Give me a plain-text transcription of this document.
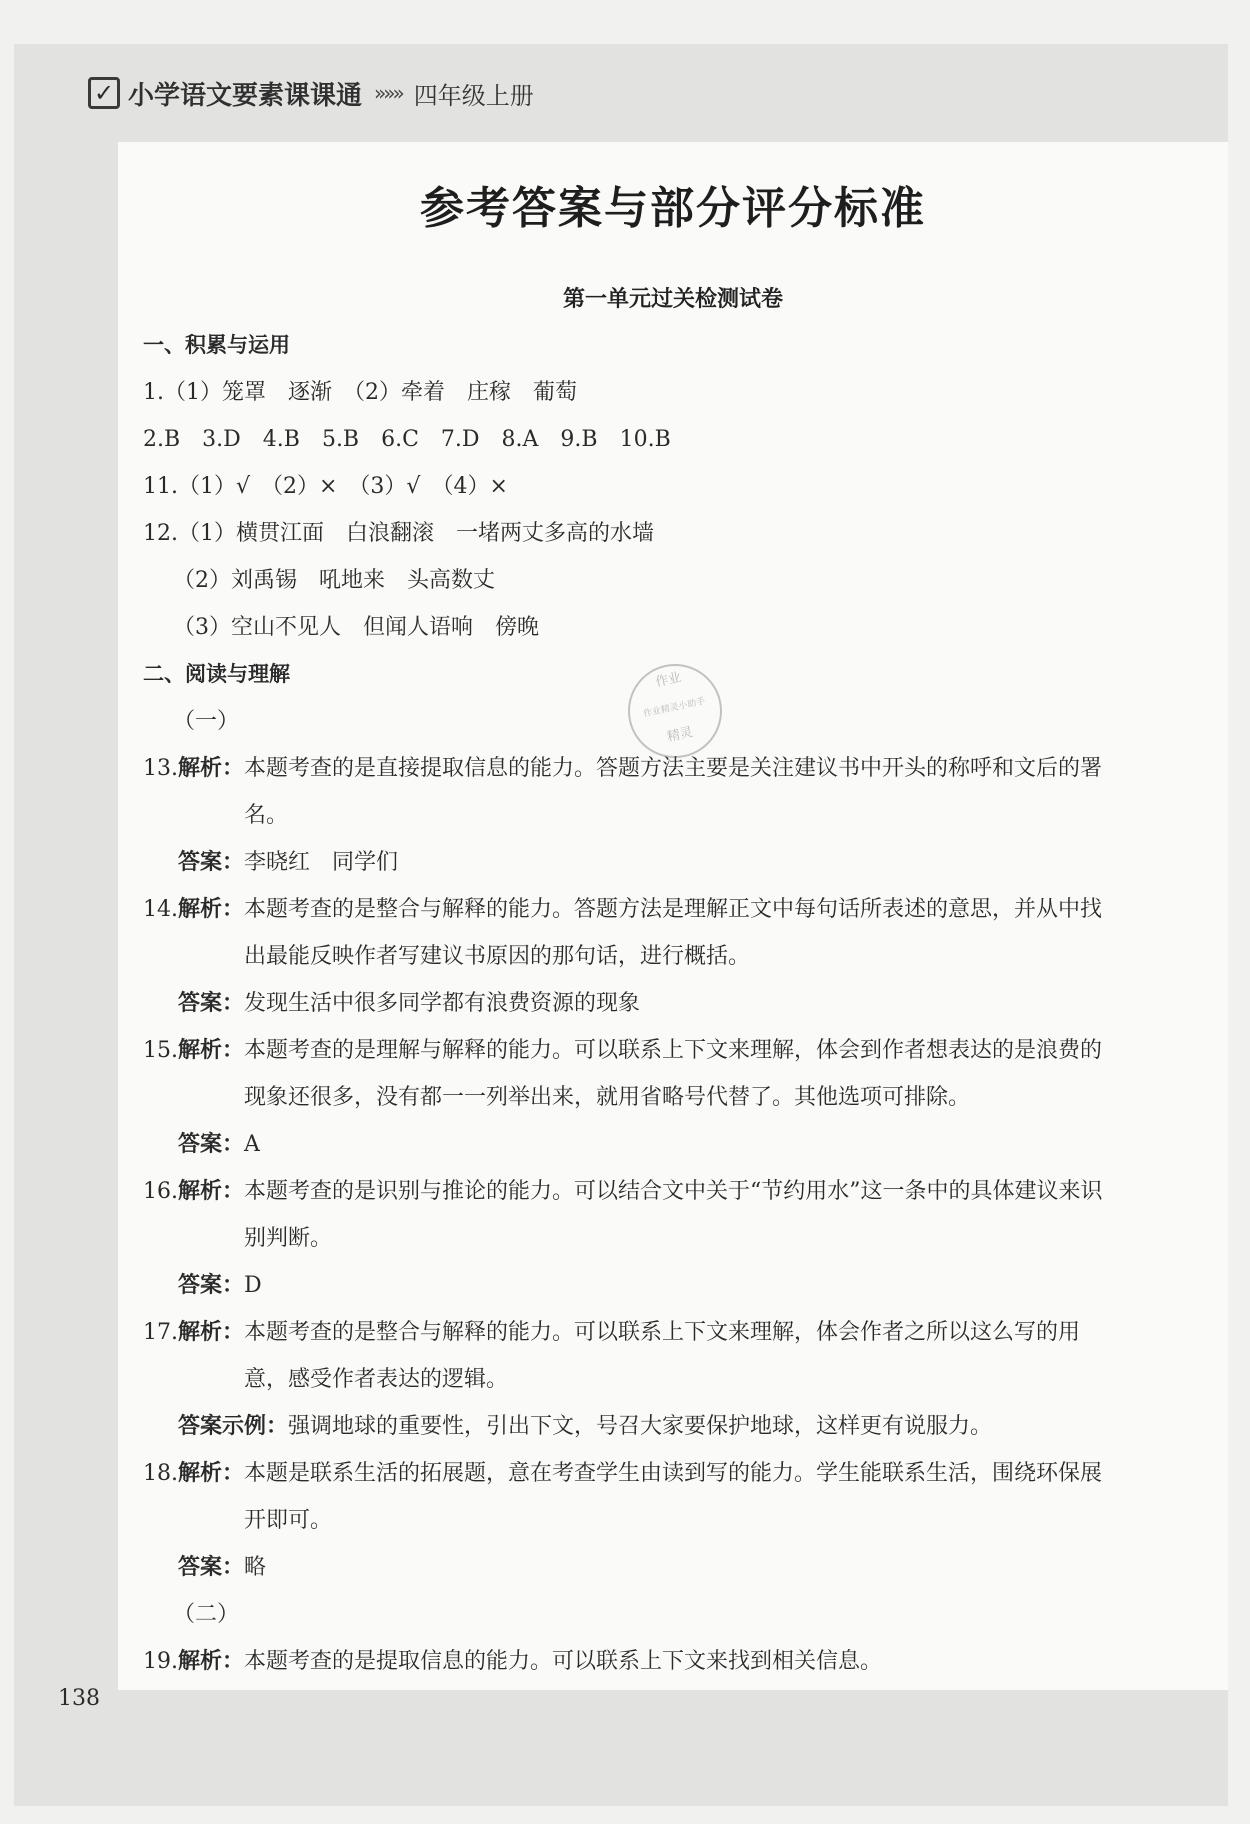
✓ 小学语文要素课课通 »»» 四年级上册
参考答案与部分评分标准
第一单元过关检测试卷
一、积累与运用
1.（1）笼罩　逐渐　（2）牵着　庄稼　葡萄
2.B　3.D　4.B　5.B　6.C　7.D　8.A　9.B　10.B
11.（1）√　（2）×　（3）√　（4）×
12.（1）横贯江面　白浪翻滚　一堵两丈多高的水墙
（2）刘禹锡　吼地来　头高数丈
（3）空山不见人　但闻人语响　傍晚
二、阅读与理解
（一）
13. 解析： 本题考查的是直接提取信息的能力。答题方法主要是关注建议书中开头的称呼和文后的署名。
答案：李晓红　同学们
14. 解析： 本题考查的是整合与解释的能力。答题方法是理解正文中每句话所表述的意思，并从中找出最能反映作者写建议书原因的那句话，进行概括。
答案：发现生活中很多同学都有浪费资源的现象
15. 解析： 本题考查的是理解与解释的能力。可以联系上下文来理解，体会到作者想表达的是浪费的现象还很多，没有都一一列举出来，就用省略号代替了。其他选项可排除。
答案：A
16. 解析： 本题考查的是识别与推论的能力。可以结合文中关于“节约用水”这一条中的具体建议来识别判断。
答案：D
17. 解析： 本题考查的是整合与解释的能力。可以联系上下文来理解，体会作者之所以这么写的用意，感受作者表达的逻辑。
答案示例：强调地球的重要性，引出下文，号召大家要保护地球，这样更有说服力。
18. 解析： 本题是联系生活的拓展题，意在考查学生由读到写的能力。学生能联系生活，围绕环保展开即可。
答案：略
（二）
19. 解析： 本题考查的是提取信息的能力。可以联系上下文来找到相关信息。
作业
作业精灵小助手
精灵
138
